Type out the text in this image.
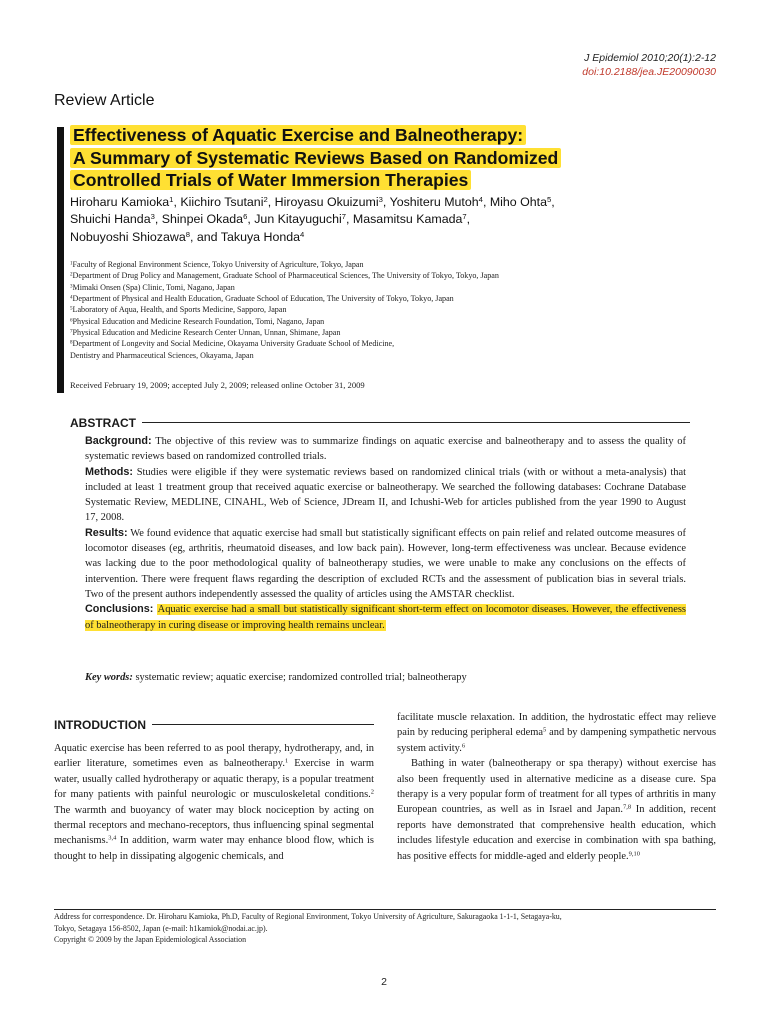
J Epidemiol 2010;20(1):2-12
doi:10.2188/jea.JE20090030
Review Article
Effectiveness of Aquatic Exercise and Balneotherapy:
A Summary of Systematic Reviews Based on Randomized
Controlled Trials of Water Immersion Therapies
Hiroharu Kamioka$^1$, Kiichiro Tsutani$^2$, Hiroyasu Okuizumi$^3$, Yoshiteru Mutoh$^4$, Miho Ohta$^5$,
Shuichi Handa$^3$, Shinpei Okada$^6$, Jun Kitayuguchi$^7$, Masamitsu Kamada$^7$,
Nobuyoshi Shiozawa$^8$, and Takuya Honda$^4$
$^1$Faculty of Regional Environment Science, Tokyo University of Agriculture, Tokyo, Japan
$^2$Department of Drug Policy and Management, Graduate School of Pharmaceutical Sciences, The University of Tokyo, Tokyo, Japan
$^3$Mimaki Onsen (Spa) Clinic, Tomi, Nagano, Japan
$^4$Department of Physical and Health Education, Graduate School of Education, The University of Tokyo, Tokyo, Japan
$^5$Laboratory of Aqua, Health, and Sports Medicine, Sapporo, Japan
$^6$Physical Education and Medicine Research Foundation, Tomi, Nagano, Japan
$^7$Physical Education and Medicine Research Center Unnan, Unnan, Shimane, Japan
$^8$Department of Longevity and Social Medicine, Okayama University Graduate School of Medicine,
Dentistry and Pharmaceutical Sciences, Okayama, Japan
Received February 19, 2009; accepted July 2, 2009; released online October 31, 2009
ABSTRACT
Background: The objective of this review was to summarize findings on aquatic exercise and balneotherapy and to assess the quality of systematic reviews based on randomized controlled trials.
Methods: Studies were eligible if they were systematic reviews based on randomized clinical trials (with or without a meta-analysis) that included at least 1 treatment group that received aquatic exercise or balneotherapy. We searched the following databases: Cochrane Database Systematic Review, MEDLINE, CINAHL, Web of Science, JDream II, and Ichushi-Web for articles published from the year 1990 to August 17, 2008.
Results: We found evidence that aquatic exercise had small but statistically significant effects on pain relief and related outcome measures of locomotor diseases (eg, arthritis, rheumatoid diseases, and low back pain). However, long-term effectiveness was unclear. Because evidence was lacking due to the poor methodological quality of balneotherapy studies, we were unable to make any conclusions on the effects of intervention. There were frequent flaws regarding the description of excluded RCTs and the assessment of publication bias in several trials. Two of the present authors independently assessed the quality of articles using the AMSTAR checklist.
Conclusions: Aquatic exercise had a small but statistically significant short-term effect on locomotor diseases. However, the effectiveness of balneotherapy in curing disease or improving health remains unclear.
Key words: systematic review; aquatic exercise; randomized controlled trial; balneotherapy
INTRODUCTION
Aquatic exercise has been referred to as pool therapy, hydrotherapy, and, in earlier literature, sometimes even as balneotherapy.$^1$ Exercise in warm water, usually called hydrotherapy or aquatic therapy, is a popular treatment for many patients with painful neurologic or musculoskeletal conditions.$^2$ The warmth and buoyancy of water may block nociception by acting on thermal receptors and mechano-receptors, thus influencing spinal segmental mechanisms.$^{3,4}$ In addition, warm water may enhance blood flow, which is thought to help in dissipating algogenic chemicals, and

facilitate muscle relaxation. In addition, the hydrostatic effect may relieve pain by reducing peripheral edema$^5$ and by dampening sympathetic nervous system activity.$^6$

Bathing in water (balneotherapy or spa therapy) without exercise has also been frequently used in alternative medicine as a disease cure. Spa therapy is a very popular form of treatment for all types of arthritis in many European countries, as well as in Israel and Japan.$^{7,8}$ In addition, recent reports have demonstrated that comprehensive health education, which includes lifestyle education and exercise in combination with spa bathing, has positive effects for middle-aged and elderly people.$^{9,10}$

Address for correspondence. Dr. Hiroharu Kamioka, Ph.D, Faculty of Regional Environment, Tokyo University of Agriculture, Sakuragaoka 1-1-1, Setagaya-ku,
Tokyo, Setagaya 156-8502, Japan (e-mail: h1kamiok@nodai.ac.jp).
Copyright © 2009 by the Japan Epidemiological Association
2
